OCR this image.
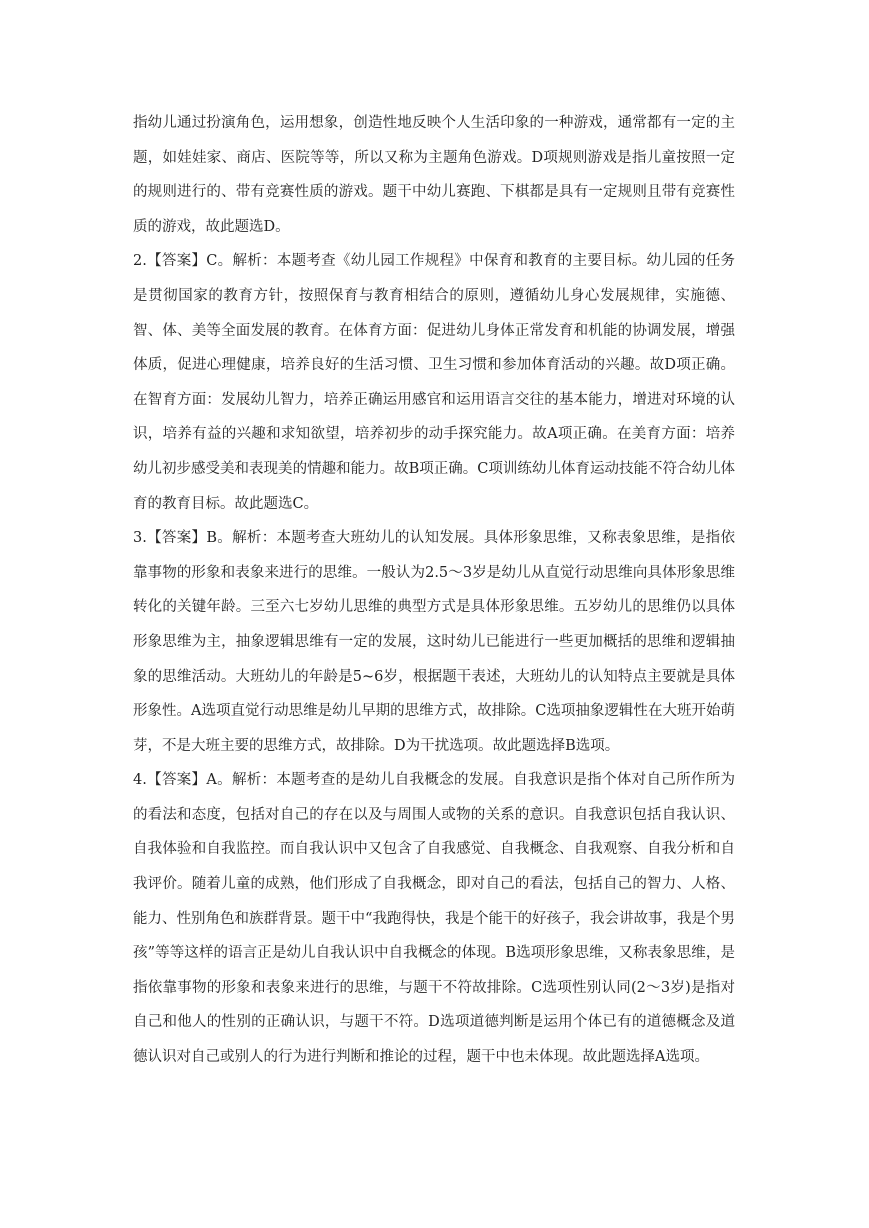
指幼儿通过扮演角色，运用想象，创造性地反映个人生活印象的一种游戏，通常都有一定的主题，如娃娃家、商店、医院等等，所以又称为主题角色游戏。D项规则游戏是指儿童按照一定的规则进行的、带有竞赛性质的游戏。题干中幼儿赛跑、下棋都是具有一定规则且带有竞赛性质的游戏，故此题选D。

2.【答案】C。解析：本题考查《幼儿园工作规程》中保育和教育的主要目标。幼儿园的任务是贯彻国家的教育方针，按照保育与教育相结合的原则，遵循幼儿身心发展规律，实施德、智、体、美等全面发展的教育。在体育方面：促进幼儿身体正常发育和机能的协调发展，增强体质，促进心理健康，培养良好的生活习惯、卫生习惯和参加体育活动的兴趣。故D项正确。在智育方面：发展幼儿智力，培养正确运用感官和运用语言交往的基本能力，增进对环境的认识，培养有益的兴趣和求知欲望，培养初步的动手探究能力。故A项正确。在美育方面：培养幼儿初步感受美和表现美的情趣和能力。故B项正确。C项训练幼儿体育运动技能不符合幼儿体育的教育目标。故此题选C。

3.【答案】B。解析：本题考查大班幼儿的认知发展。具体形象思维，又称表象思维，是指依靠事物的形象和表象来进行的思维。一般认为2.5～3岁是幼儿从直觉行动思维向具体形象思维转化的关键年龄。三至六七岁幼儿思维的典型方式是具体形象思维。五岁幼儿的思维仍以具体形象思维为主，抽象逻辑思维有一定的发展，这时幼儿已能进行一些更加概括的思维和逻辑抽象的思维活动。大班幼儿的年龄是5~6岁，根据题干表述，大班幼儿的认知特点主要就是具体形象性。A选项直觉行动思维是幼儿早期的思维方式，故排除。C选项抽象逻辑性在大班开始萌芽，不是大班主要的思维方式，故排除。D为干扰选项。故此题选择B选项。

4.【答案】A。解析：本题考查的是幼儿自我概念的发展。自我意识是指个体对自己所作所为的看法和态度，包括对自己的存在以及与周围人或物的关系的意识。自我意识包括自我认识、自我体验和自我监控。而自我认识中又包含了自我感觉、自我概念、自我观察、自我分析和自我评价。随着儿童的成熟，他们形成了自我概念，即对自己的看法，包括自己的智力、人格、能力、性别角色和族群背景。题干中“我跑得快，我是个能干的好孩子，我会讲故事，我是个男孩”等等这样的语言正是幼儿自我认识中自我概念的体现。B选项形象思维，又称表象思维，是指依靠事物的形象和表象来进行的思维，与题干不符故排除。C选项性别认同(2～3岁)是指对自己和他人的性别的正确认识，与题干不符。D选项道德判断是运用个体已有的道德概念及道德认识对自己或别人的行为进行判断和推论的过程，题干中也未体现。故此题选择A选项。
